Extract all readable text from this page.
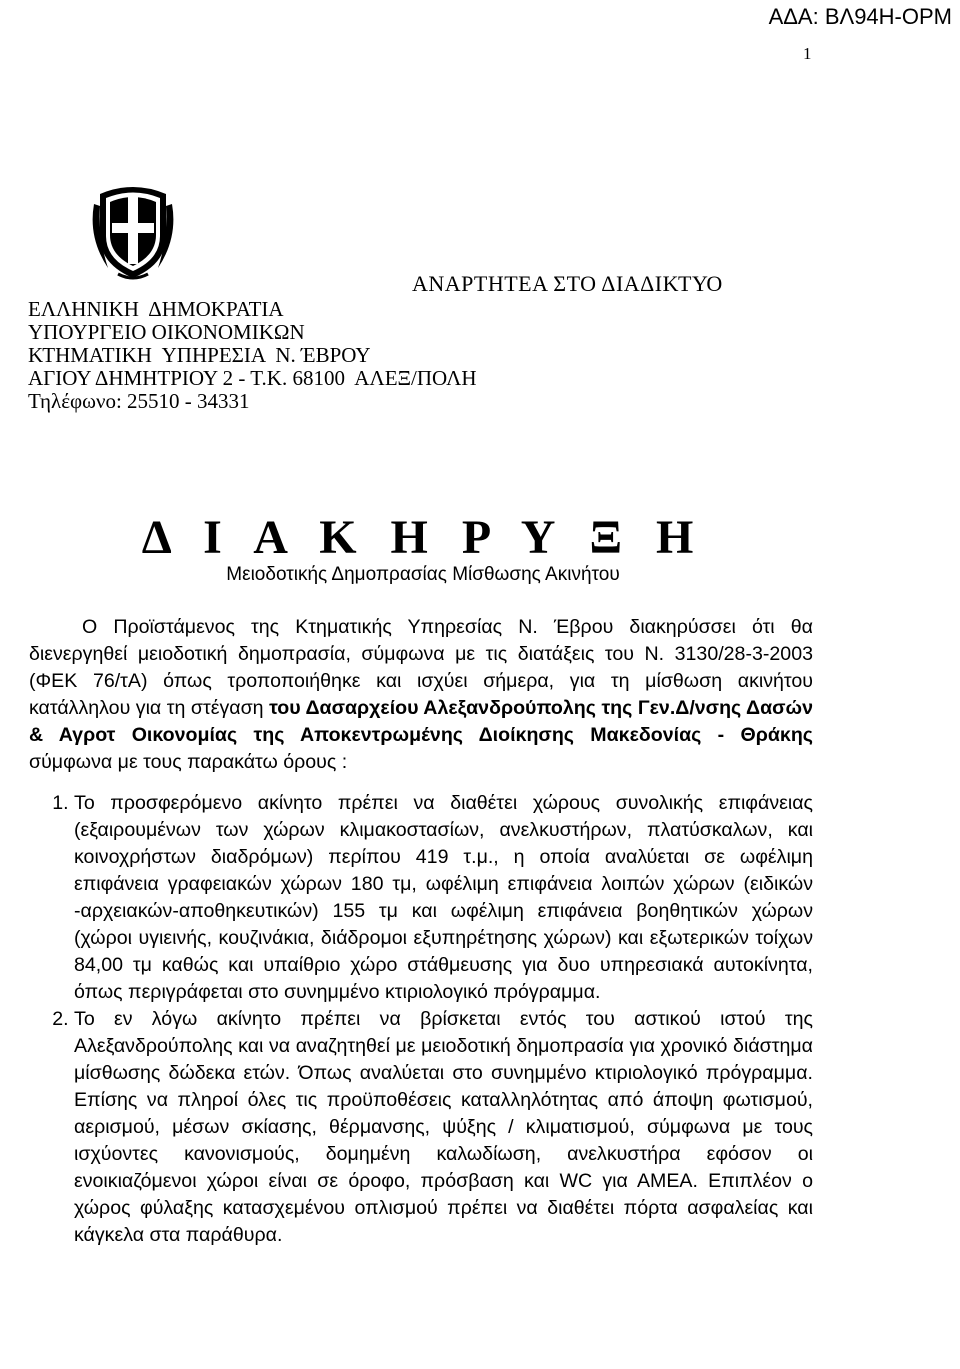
ΑΔΑ: ΒΛ94Η-ΟΡΜ
1
ΑΝΑΡΤΗΤΕΑ ΣΤΟ ΔΙΑΔΙΚΤΥΟ
ΕΛΛΗΝΙΚΗ  ΔΗΜΟΚΡΑΤΙΑ
ΥΠΟΥΡΓΕΙΟ ΟΙΚΟΝΟΜΙΚΩΝ
ΚΤΗΜΑΤΙΚΗ  ΥΠΗΡΕΣΙΑ  Ν. ΈΒΡΟΥ
ΑΓΙΟΥ ΔΗΜΗΤΡΙΟΥ 2 - Τ.Κ. 68100  ΑΛΕΞ/ΠΟΛΗ
Τηλέφωνο: 25510 - 34331
Δ Ι Α Κ Η Ρ Υ Ξ Η
Μειοδοτικής Δημοπρασίας Μίσθωσης Ακινήτου

Ο Προϊστάμενος της Κτηματικής Υπηρεσίας Ν. Έβρου διακηρύσσει ότι θα διενεργηθεί μειοδοτική δημοπρασία, σύμφωνα με τις διατάξεις του Ν. 3130/28-3-2003 (ΦΕΚ 76/τΑ) όπως τροποποιήθηκε και ισχύει σήμερα, για τη μίσθωση ακινήτου κατάλληλου για τη στέγαση του Δασαρχείου Αλεξανδρούπολης της Γεν.Δ/νσης Δασών & Αγροτ Οικονομίας της Αποκεντρωμένης Διοίκησης Μακεδονίας - Θράκης σύμφωνα με τους παρακάτω όρους :

1. Το προσφερόμενο ακίνητο πρέπει να διαθέτει χώρους συνολικής επιφάνειας (εξαιρουμένων των χώρων κλιμακοστασίων, ανελκυστήρων, πλατύσκαλων, και κοινοχρήστων διαδρόμων) περίπου 419 τ.μ., η οποία αναλύεται σε ωφέλιμη επιφάνεια γραφειακών χώρων 180 τμ, ωφέλιμη επιφάνεια λοιπών χώρων (ειδικών -αρχειακών-αποθηκευτικών) 155 τμ και ωφέλιμη επιφάνεια βοηθητικών χώρων (χώροι υγιεινής, κουζινάκια, διάδρομοι εξυπηρέτησης χώρων) και εξωτερικών τοίχων 84,00 τμ καθώς και υπαίθριο χώρο στάθμευσης για δυο υπηρεσιακά αυτοκίνητα, όπως περιγράφεται στο συνημμένο κτιριολογικό πρόγραμμα.
2. Το εν λόγω ακίνητο πρέπει να βρίσκεται εντός του αστικού ιστού της Αλεξανδρούπολης και να αναζητηθεί με μειοδοτική δημοπρασία για χρονικό διάστημα μίσθωσης δώδεκα ετών. Όπως αναλύεται στο συνημμένο κτιριολογικό πρόγραμμα. Επίσης να πληροί όλες τις προϋποθέσεις καταλληλότητας από άποψη φωτισμού, αερισμού, μέσων σκίασης, θέρμανσης, ψύξης / κλιματισμού, σύμφωνα με τους ισχύοντες κανονισμούς, δομημένη καλωδίωση, ανελκυστήρα εφόσον οι ενοικιαζόμενοι χώροι είναι σε όροφο, πρόσβαση και WC για ΑΜΕΑ. Επιπλέον ο χώρος φύλαξης κατασχεμένου οπλισμού πρέπει να διαθέτει πόρτα ασφαλείας και κάγκελα στα παράθυρα.
